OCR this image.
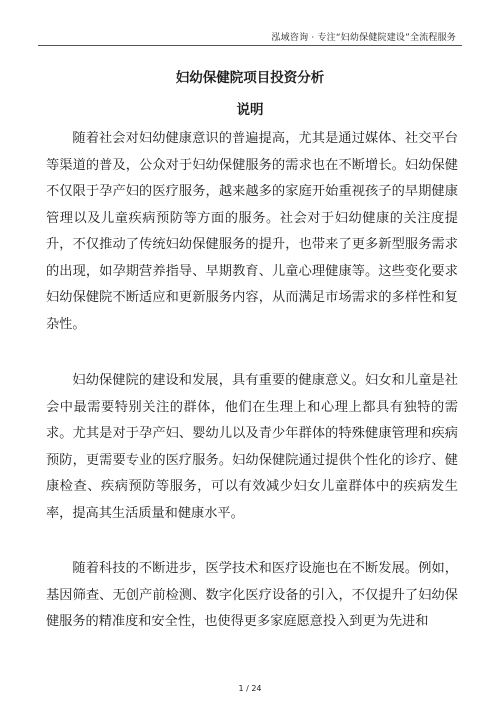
泓域咨询 · 专注“妇幼保健院建设”全流程服务
妇幼保健院项目投资分析
说明

随着社会对妇幼健康意识的普遍提高，尤其是通过媒体、社交平台等渠道的普及，公众对于妇幼保健服务的需求也在不断增长。妇幼保健不仅限于孕产妇的医疗服务，越来越多的家庭开始重视孩子的早期健康管理以及儿童疾病预防等方面的服务。社会对于妇幼健康的关注度提升，不仅推动了传统妇幼保健服务的提升，也带来了更多新型服务需求的出现，如孕期营养指导、早期教育、儿童心理健康等。这些变化要求妇幼保健院不断适应和更新服务内容，从而满足市场需求的多样性和复杂性。

妇幼保健院的建设和发展，具有重要的健康意义。妇女和儿童是社会中最需要特别关注的群体，他们在生理上和心理上都具有独特的需求。尤其是对于孕产妇、婴幼儿以及青少年群体的特殊健康管理和疾病预防，更需要专业的医疗服务。妇幼保健院通过提供个性化的诊疗、健康检查、疾病预防等服务，可以有效减少妇女儿童群体中的疾病发生率，提高其生活质量和健康水平。

随着科技的不断进步，医学技术和医疗设施也在不断发展。例如，基因筛查、无创产前检测、数字化医疗设备的引入，不仅提升了妇幼保健服务的精准度和安全性，也使得更多家庭愿意投入到更为先进和

1 / 24
